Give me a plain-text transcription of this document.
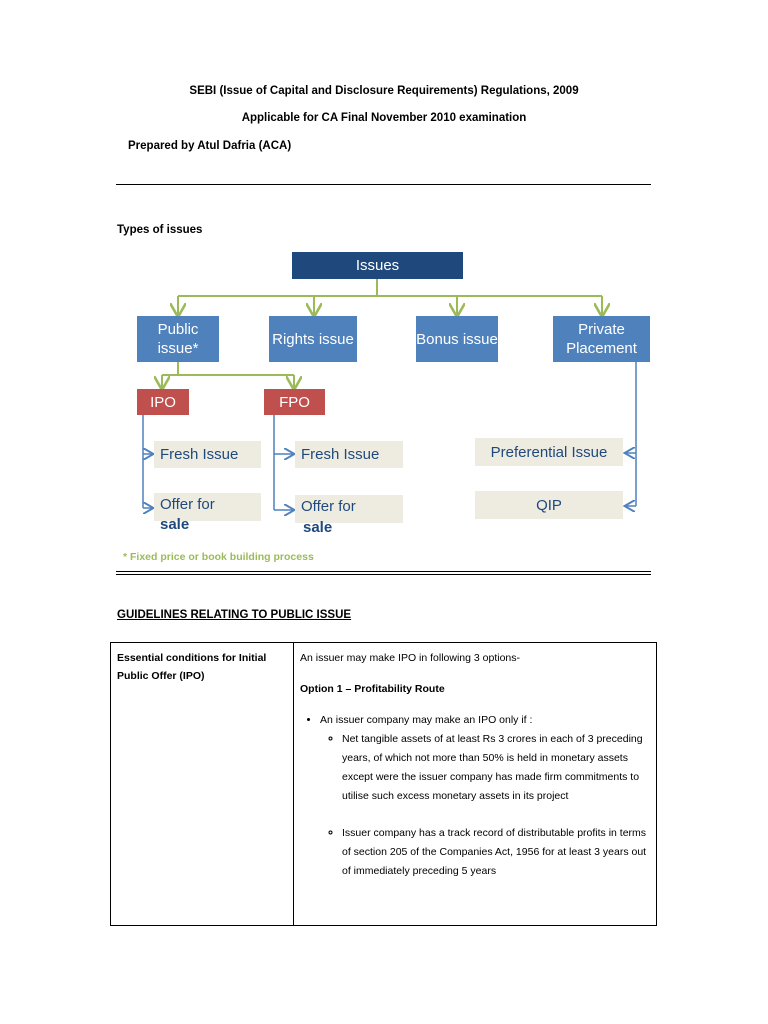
SEBI (Issue of Capital and Disclosure Requirements) Regulations, 2009
Applicable for CA Final November 2010 examination
Prepared by Atul Dafria (ACA)
Types of issues
Issues
Public issue*
Rights issue	Bonus issue
Private Placement
IPO	FPO
Fresh Issue
Offer for
sale
Fresh Issue
Offer for
sale
Preferential Issue
QIP
* Fixed price or book building process
GUIDELINES RELATING TO PUBLIC ISSUE
Essential conditions for Initial Public Offer (IPO)	
An issuer may make IPO in following 3 options-
Option 1 – Profitability Route
• An issuer company may make an IPO only if :
◦ Net tangible assets of at least Rs 3 crores in each of 3 preceding years, of which not more than 50% is held in monetary assets except were the issuer company has made firm commitments to utilise such excess monetary assets in its project
◦ Issuer company has a track record of distributable profits in terms of section 205 of the Companies Act, 1956 for at least 3 years out of immediately preceding 5 years
